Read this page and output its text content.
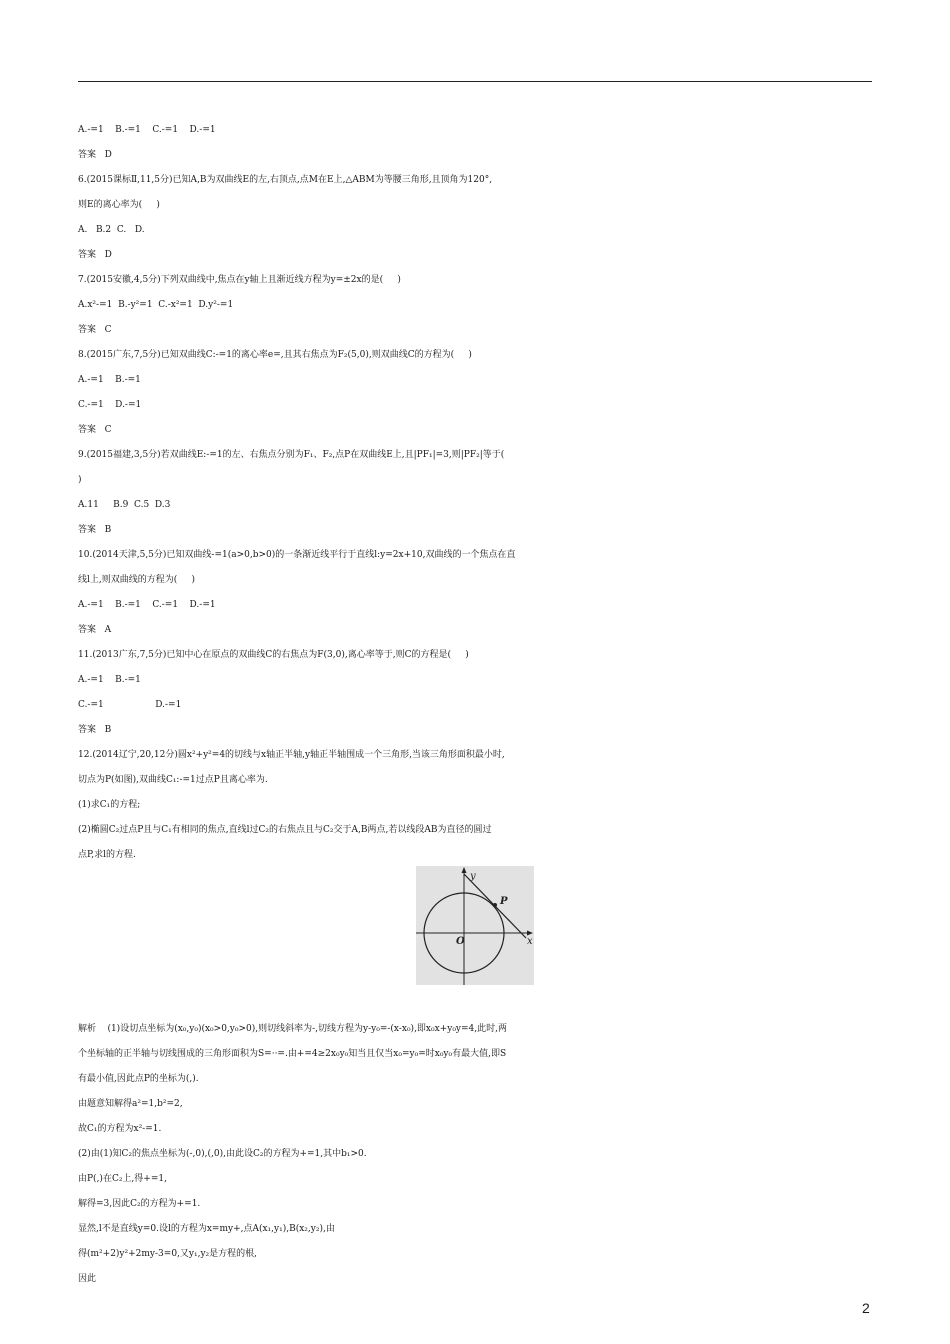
A.-=1    B.-=1    C.-=1    D.-=1
答案   D
6.(2015课标Ⅱ,11,5分)已知A,B为双曲线E的左,右顶点,点M在E上,△ABM为等腰三角形,且顶角为120°,
则E的离心率为(     )
A.   B.2  C.   D.
答案   D
7.(2015安徽,4,5分)下列双曲线中,焦点在y轴上且渐近线方程为y=±2x的是(     )
A.x²-=1  B.-y²=1  C.-x²=1  D.y²-=1
答案   C
8.(2015广东,7,5分)已知双曲线C:-=1的离心率e=,且其右焦点为F₂(5,0),则双曲线C的方程为(     )
A.-=1    B.-=1
C.-=1    D.-=1
答案   C
9.(2015福建,3,5分)若双曲线E:-=1的左、右焦点分别为F₁、F₂,点P在双曲线E上,且|PF₁|=3,则|PF₂|等于(
)
A.11     B.9  C.5  D.3
答案   B
10.(2014天津,5,5分)已知双曲线-=1(a>0,b>0)的一条渐近线平行于直线l:y=2x+10,双曲线的一个焦点在直
线l上,则双曲线的方程为(     )
A.-=1    B.-=1    C.-=1    D.-=1
答案   A
11.(2013广东,7,5分)已知中心在原点的双曲线C的右焦点为F(3,0),离心率等于,则C的方程是(     )
A.-=1    B.-=1
C.-=1                  D.-=1
答案   B
12.(2014辽宁,20,12分)圆x²+y²=4的切线与x轴正半轴,y轴正半轴围成一个三角形,当该三角形面积最小时,
切点为P(如图),双曲线C₁:-=1过点P且离心率为.
(1)求C₁的方程;
(2)椭圆C₂过点P且与C₁有相同的焦点,直线l过C₂的右焦点且与C₂交于A,B两点,若以线段AB为直径的圆过
点P,求l的方程.
y
x
O
P
解析    (1)设切点坐标为(x₀,y₀)(x₀>0,y₀>0),则切线斜率为-,切线方程为y-y₀=-(x-x₀),即x₀x+y₀y=4,此时,两
个坐标轴的正半轴与切线围成的三角形面积为S=··=.由+=4≥2x₀y₀知当且仅当x₀=y₀=时x₀y₀有最大值,即S
有最小值,因此点P的坐标为(,).
由题意知解得a²=1,b²=2,
故C₁的方程为x²-=1.
(2)由(1)知C₂的焦点坐标为(-,0),(,0),由此设C₂的方程为+=1,其中b₁>0.
由P(,)在C₂上,得+=1,
解得=3,因此C₂的方程为+=1.
显然,l不是直线y=0.设l的方程为x=my+,点A(x₁,y₁),B(x₂,y₂),由
得(m²+2)y²+2my-3=0,又y₁,y₂是方程的根,
因此
2
